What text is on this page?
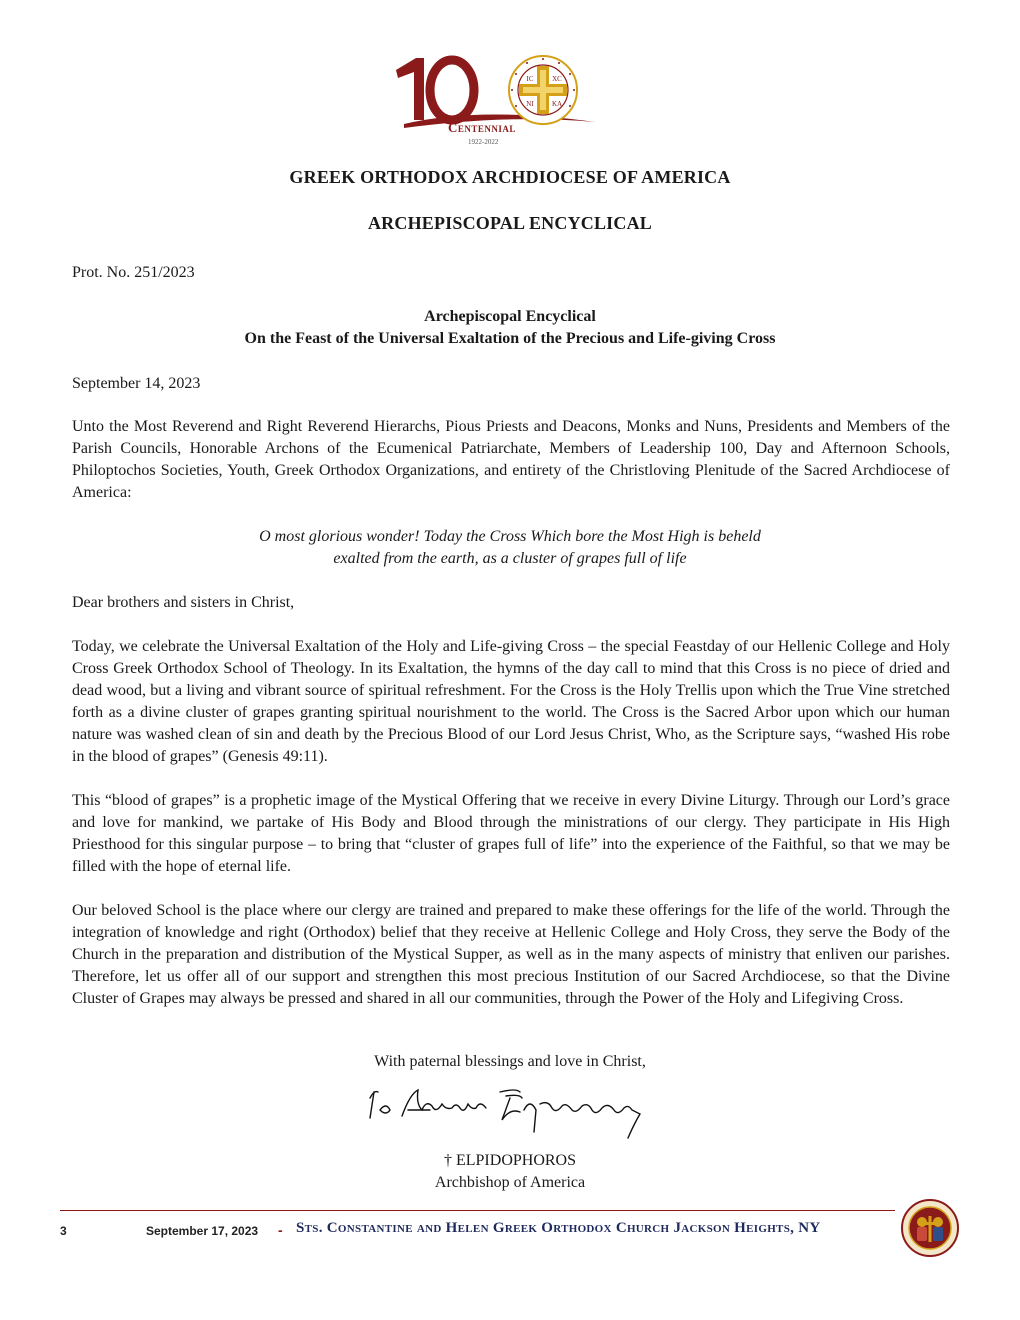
IC	XC
NI	KA
Centennial
1922-2022
GREEK ORTHODOX ARCHDIOCESE OF AMERICA
ARCHEPISCOPAL ENCYCLICAL
Prot. No. 251/2023
Archepiscopal Encyclical
On the Feast of the Universal Exaltation of the Precious and Life-giving Cross
September 14, 2023
Unto the Most Reverend and Right Reverend Hierarchs, Pious Priests and Deacons, Monks and Nuns, Presidents and Members of the Parish Councils, Honorable Archons of the Ecumenical Patriarchate, Members of Leadership 100, Day and Afternoon Schools, Philoptochos Societies, Youth, Greek Orthodox Organizations, and entirety of the Christloving Plenitude of the Sacred Archdiocese of America:
O most glorious wonder! Today the Cross Which bore the Most High is beheld
exalted from the earth, as a cluster of grapes full of life
Dear brothers and sisters in Christ,
Today, we celebrate the Universal Exaltation of the Holy and Life-giving Cross – the special Feastday of our Hellenic College and Holy Cross Greek Orthodox School of Theology. In its Exaltation, the hymns of the day call to mind that this Cross is no piece of dried and dead wood, but a living and vibrant source of spiritual refreshment. For the Cross is the Holy Trellis upon which the True Vine stretched forth as a divine cluster of grapes granting spiritual nourishment to the world. The Cross is the Sacred Arbor upon which our human nature was washed clean of sin and death by the Precious Blood of our Lord Jesus Christ, Who, as the Scripture says, “washed His robe in the blood of grapes” (Genesis 49:11).
This “blood of grapes” is a prophetic image of the Mystical Offering that we receive in every Divine Liturgy. Through our Lord’s grace and love for mankind, we partake of His Body and Blood through the ministrations of our clergy. They participate in His High Priesthood for this singular purpose – to bring that “cluster of grapes full of life” into the experience of the Faithful, so that we may be filled with the hope of eternal life.
Our beloved School is the place where our clergy are trained and prepared to make these offerings for the life of the world. Through the integration of knowledge and right (Orthodox) belief that they receive at Hellenic College and Holy Cross, they serve the Body of the Church in the preparation and distribution of the Mystical Supper, as well as in the many aspects of ministry that enliven our parishes. Therefore, let us offer all of our support and strengthen this most precious Institution of our Sacred Archdiocese, so that the Divine Cluster of Grapes may always be pressed and shared in all our communities, through the Power of the Holy and Lifegiving Cross.
With paternal blessings and love in Christ,
† ELPIDOPHOROS
Archbishop of America
3	September 17, 2023 - Sts. Constantine and Helen Greek Orthodox Church Jackson Heights, NY
